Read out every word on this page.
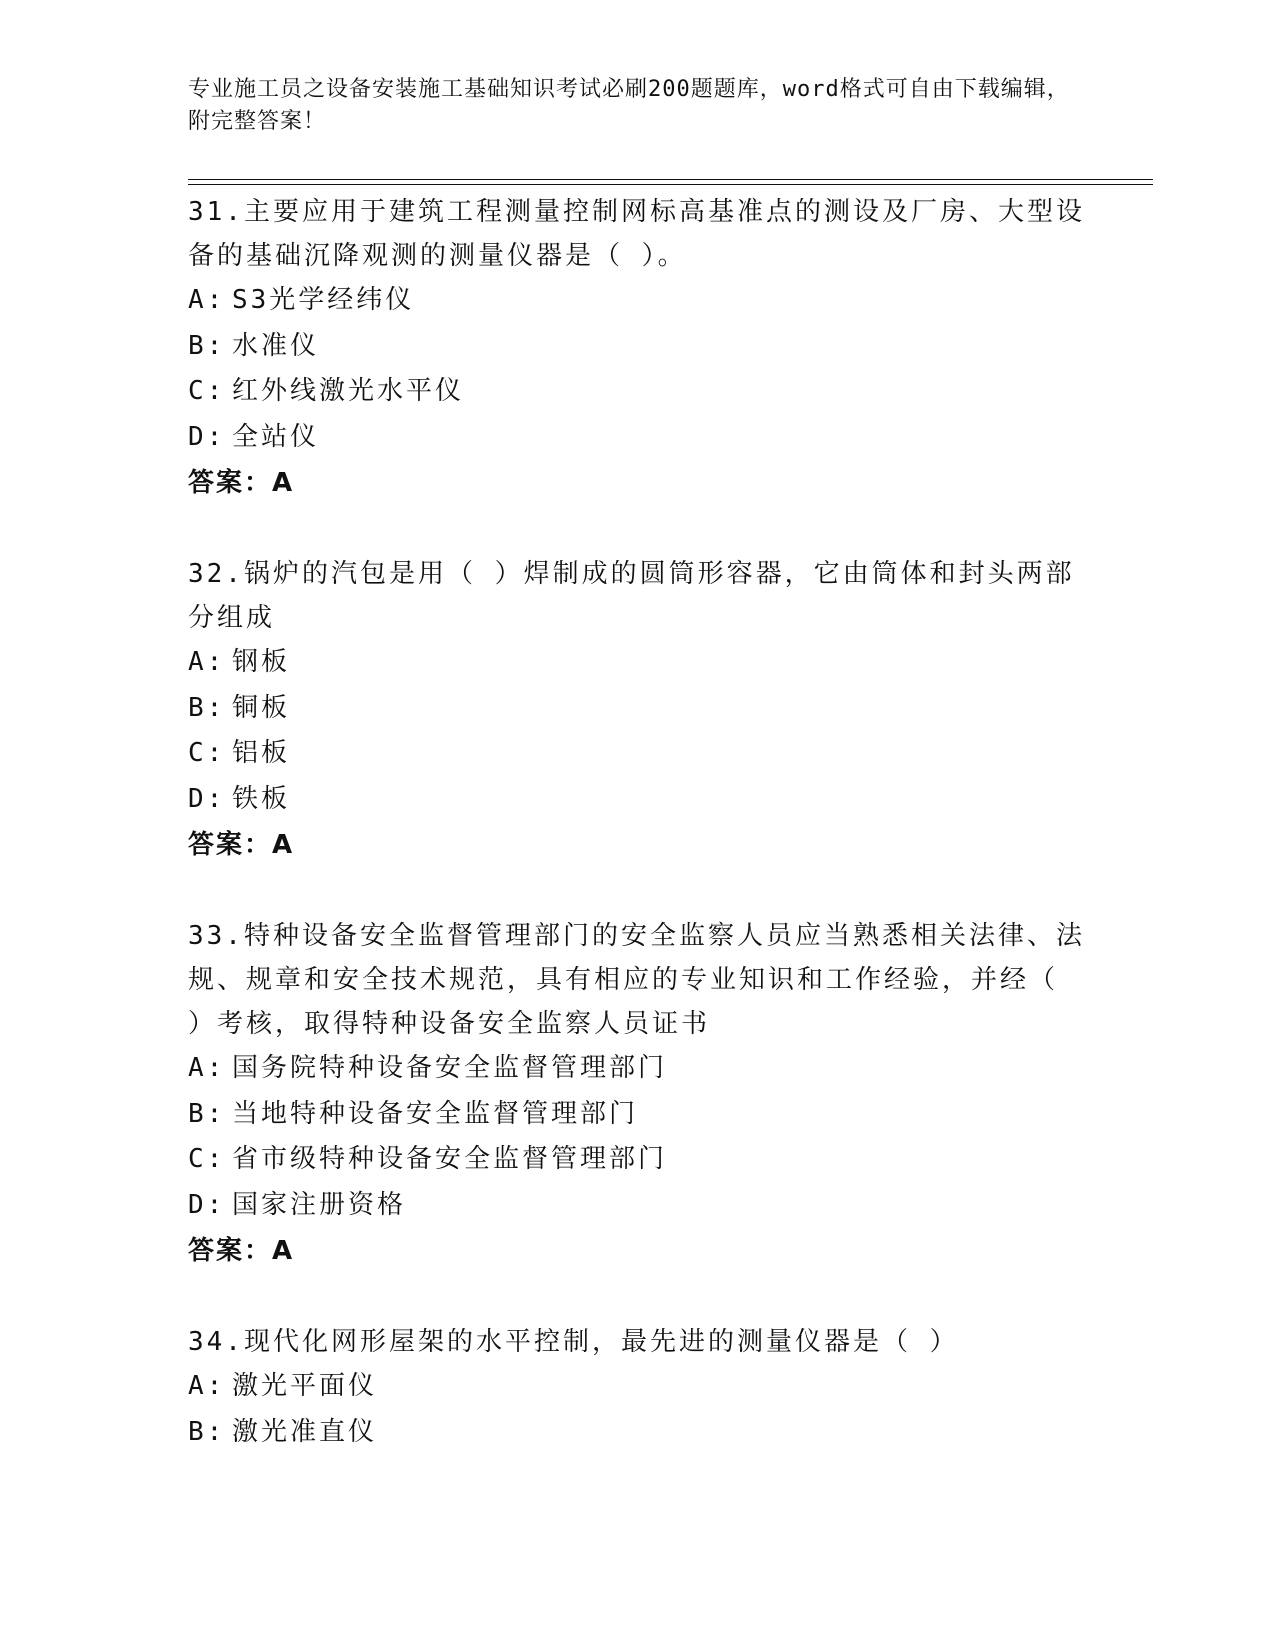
专业施工员之设备安装施工基础知识考试必刷200题题库，word格式可自由下载编辑，附完整答案！
31.主要应用于建筑工程测量控制网标高基准点的测设及厂房、大型设备的基础沉降观测的测量仪器是（ ）。
A: S3光学经纬仪
B: 水准仪
C: 红外线激光水平仪
D: 全站仪
答案：A
32.锅炉的汽包是用（ ）焊制成的圆筒形容器，它由筒体和封头两部分组成
A: 钢板
B: 铜板
C: 铝板
D: 铁板
答案：A
33.特种设备安全监督管理部门的安全监察人员应当熟悉相关法律、法规、规章和安全技术规范，具有相应的专业知识和工作经验，并经（ ）考核，取得特种设备安全监察人员证书
A: 国务院特种设备安全监督管理部门
B: 当地特种设备安全监督管理部门
C: 省市级特种设备安全监督管理部门
D: 国家注册资格
答案：A
34.现代化网形屋架的水平控制，最先进的测量仪器是（ ）
A: 激光平面仪
B: 激光准直仪
